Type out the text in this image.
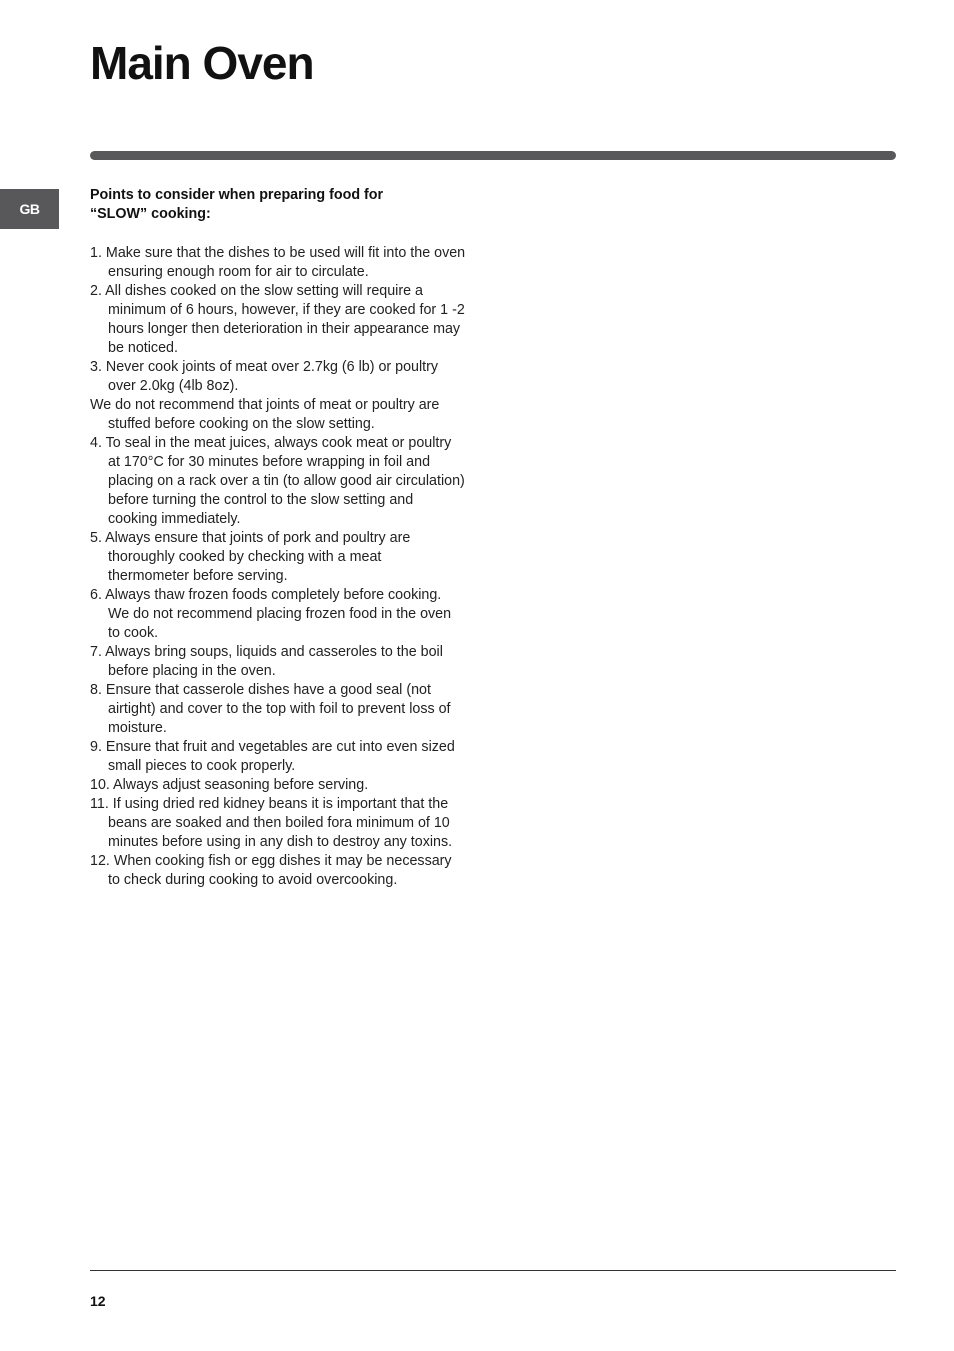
Main Oven
GB

Points to consider when preparing food for
“SLOW” cooking:

1. Make sure that the dishes to be used will fit into the oven ensuring enough room for air to circulate.
2. All dishes cooked on the slow setting will require a minimum of 6 hours, however, if they are cooked for 1 -2 hours longer then deterioration in their appearance may be noticed.
3. Never cook joints of meat over 2.7kg (6 lb) or poultry over 2.0kg (4lb 8oz).
We do not recommend that joints of meat or poultry are stuffed before cooking on the slow setting.
4. To seal in the meat juices, always cook meat or poultry at 170°C for 30 minutes before wrapping in foil and placing on a rack over a tin (to allow good air circulation) before turning the control to the slow setting and cooking immediately.
5. Always ensure that joints of pork and poultry are thoroughly cooked by checking with a meat thermometer before serving.
6. Always thaw frozen foods completely before cooking. We do not recommend placing frozen food in the oven to cook.
7. Always bring soups, liquids and casseroles to the boil before placing in the oven.
8. Ensure that casserole dishes have a good seal (not airtight) and cover to the top with foil to prevent loss of moisture.
9. Ensure that fruit and vegetables are cut into even sized small pieces to cook properly.
10. Always adjust seasoning before serving.
11. If using dried red kidney beans it is important that the beans are soaked and then boiled fora minimum of 10 minutes before using in any dish to destroy any toxins.
12. When cooking fish or egg dishes it may be necessary to check during cooking to avoid overcooking.
12
